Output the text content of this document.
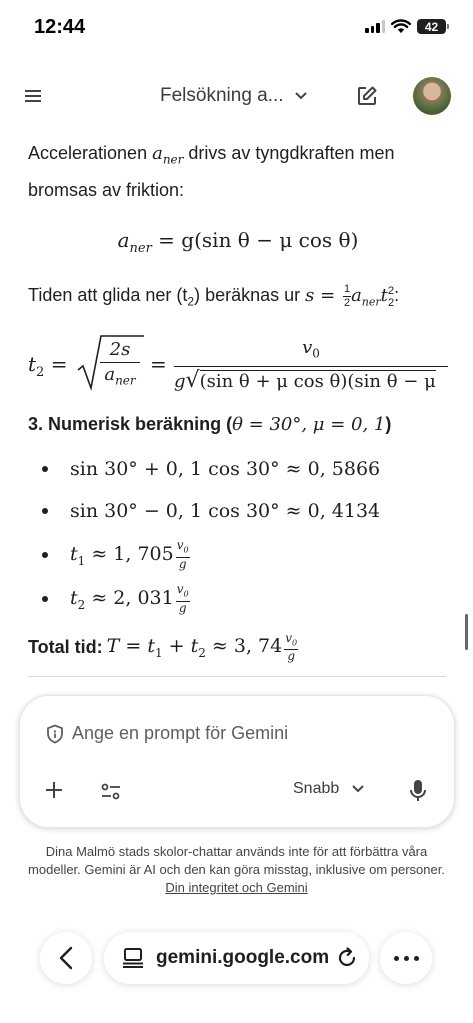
12:44	42
Felsökning a...
Accelerationen $a_{ner}$ drivs av tyngdkraften men bromsas av friktion:
$a_{ner} = g(\sin$ θ − μ cos θ)
Tiden att glida ner $(t_2)$ beräknas ur $s = \frac{1}{2} a_{ner}t^2_2$:
$t_2$ =
2s
$a_{ner}$
=
$v_0$
g√(sin θ + μ cos θ)(sin θ − μ
3. Numerisk beräkning (θ = 30°, μ = 0, 1)
sin 30° + 0, 1 cos 30° ≈ 0, 5866
sin 30° − 0, 1 cos 30° ≈ 0, 4134
$t_1 \approx 1$, $705 \frac{v_0}{g}$
$t_2 \approx 2$, $031 \frac{v_0}{g}$
Total tid: $T = t_1 + t_2 \approx 3$, $74 \frac{v_0}{g}$
Ange en prompt för Gemini
Snabb
Dina Malmö stads skolor-chattar används inte för att förbättra våra modeller. Gemini är AI och den kan göra misstag, inklusive om personer. Din integritet och Gemini
gemini.google.com
